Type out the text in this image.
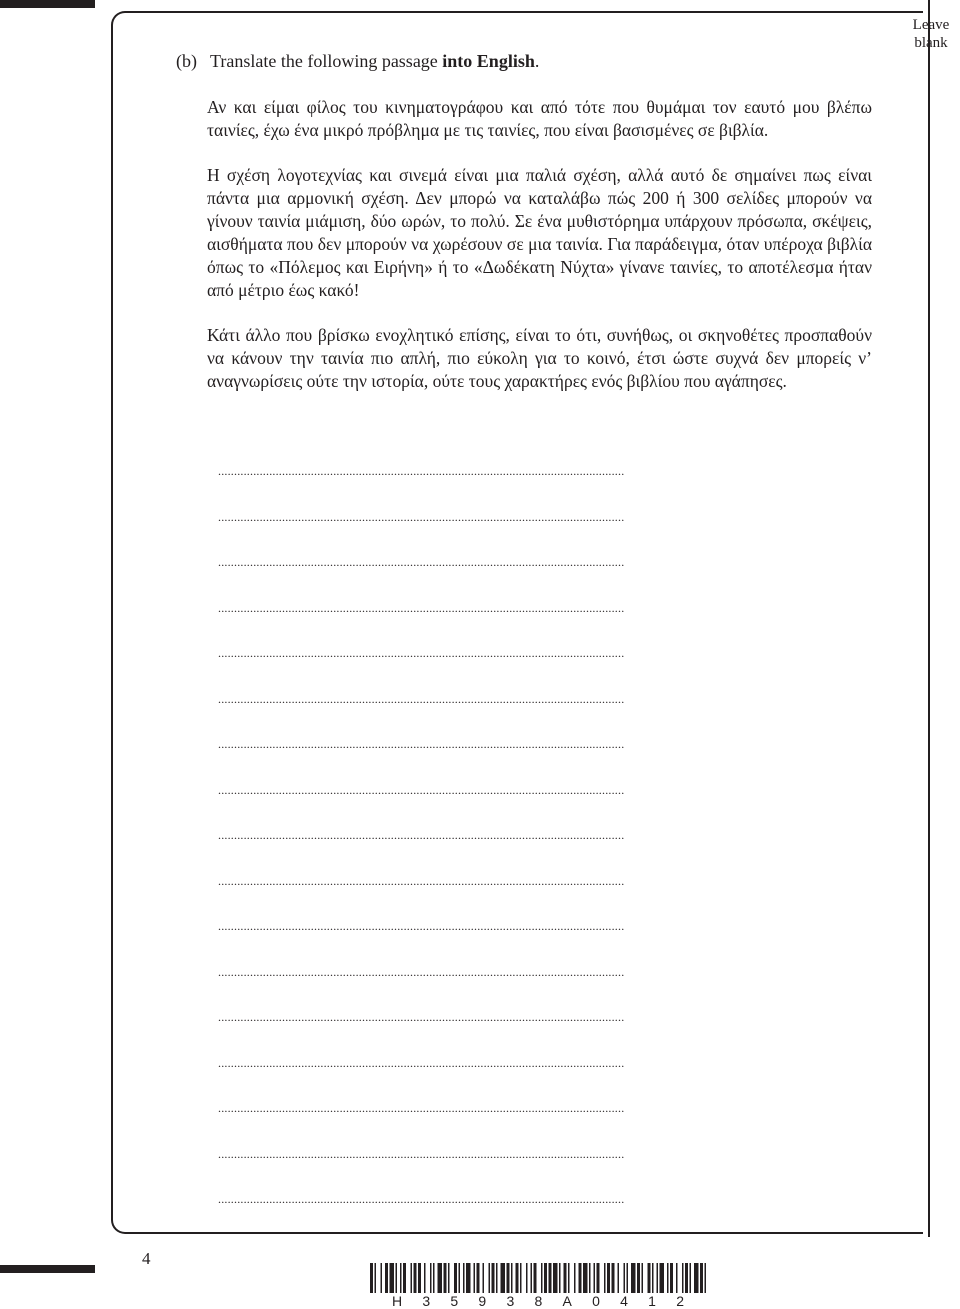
Leave
blank
(b) Translate the following passage into English.

Αν και είμαι φίλος του κινηματογράφου και από τότε που θυμάμαι τον εαυτό μου βλέπω ταινίες, έχω ένα μικρό πρόβλημα με τις ταινίες, που είναι βασισμένες σε βιβλία.

Η σχέση λογοτεχνίας και σινεμά είναι μια παλιά σχέση, αλλά αυτό δε σημαίνει πως είναι πάντα μια αρμονική σχέση. Δεν μπορώ να καταλάβω πώς 200 ή 300 σελίδες μπορούν να γίνουν ταινία μιάμιση, δύο ωρών, το πολύ. Σε ένα μυθιστόρημα υπάρχουν πρόσωπα, σκέψεις, αισθήματα που δεν μπορούν να χωρέσουν σε μια ταινία. Για παράδειγμα, όταν υπέροχα βιβλία όπως το «Πόλεμος και Ειρήνη» ή το «Δωδέκατη Νύχτα» γίνανε ταινίες, το αποτέλεσμα ήταν από μέτριο έως κακό!

Κάτι άλλο που βρίσκω ενοχλητικό επίσης, είναι το ότι, συνήθως, οι σκηνοθέτες προσπαθούν να κάνουν την ταινία πιο απλή, πιο εύκολη για το κοινό, έτσι ώστε συχνά δεν μπορείς ν’ αναγνωρίσεις ούτε την ιστορία, ούτε τους χαρακτήρες ενός βιβλίου που αγάπησες.

...............................................................................................................................
...............................................................................................................................
...............................................................................................................................
...............................................................................................................................
...............................................................................................................................
...............................................................................................................................
...............................................................................................................................
...............................................................................................................................
...............................................................................................................................
...............................................................................................................................
...............................................................................................................................
...............................................................................................................................
...............................................................................................................................
...............................................................................................................................
...............................................................................................................................
...............................................................................................................................
...............................................................................................................................
4
H 3 5 9 3 8 A 0 4 1 2
